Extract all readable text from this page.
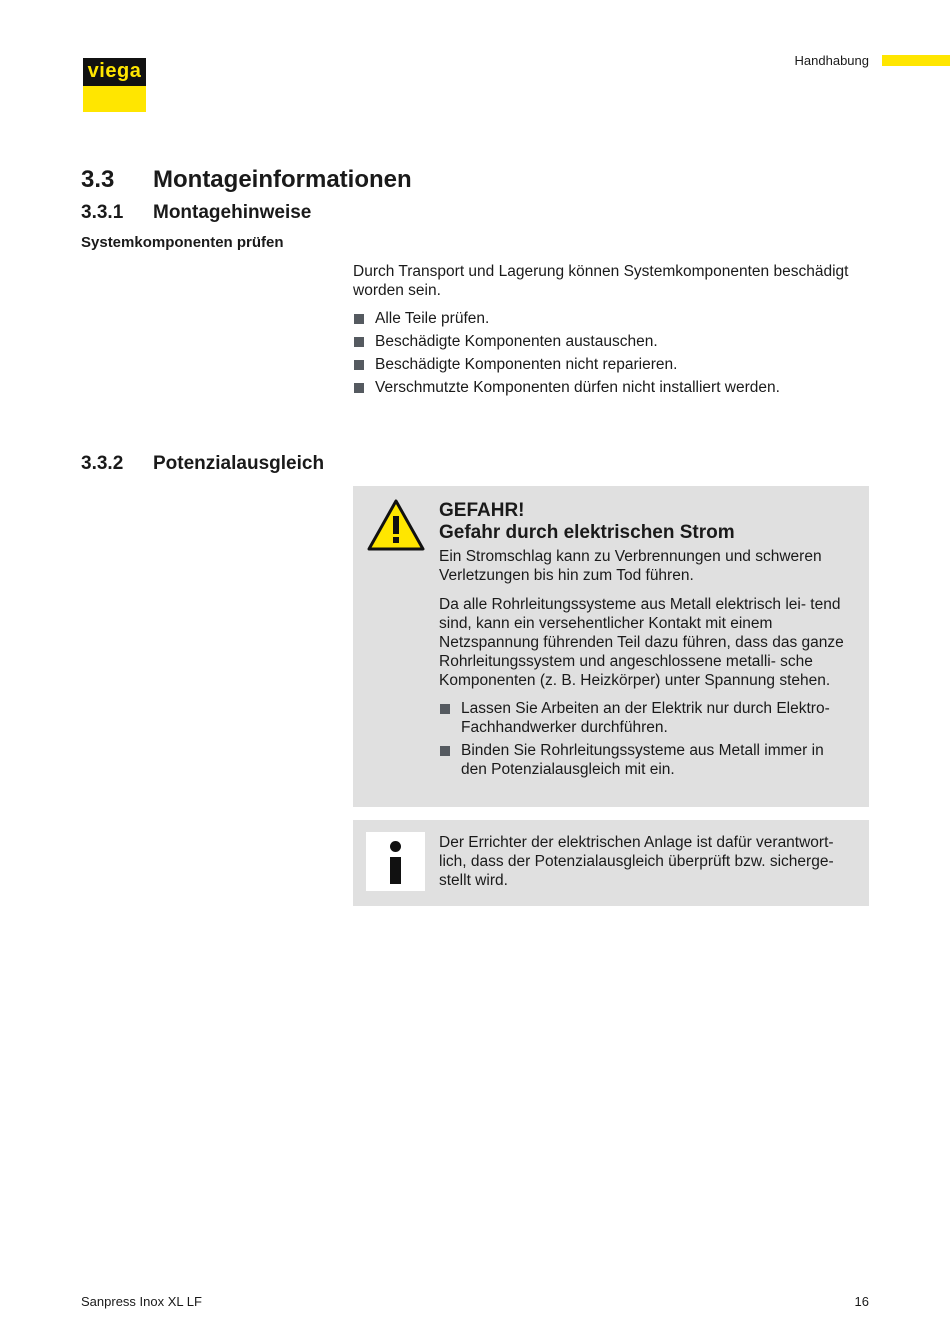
viega	Handhabung
3.3 Montageinformationen
3.3.1 Montagehinweise
Systemkomponenten prüfen

Durch Transport und Lagerung können Systemkomponenten beschädigt worden sein.

Alle Teile prüfen.
Beschädigte Komponenten austauschen.
Beschädigte Komponenten nicht reparieren.
Verschmutzte Komponenten dürfen nicht installiert werden.
3.3.2 Potenzialausgleich
GEFAHR!
Gefahr durch elektrischen Strom

Ein Stromschlag kann zu Verbrennungen und schweren Verletzungen bis hin zum Tod führen.

Da alle Rohrleitungssysteme aus Metall elektrisch lei- tend sind, kann ein versehentlicher Kontakt mit einem Netzspannung führenden Teil dazu führen, dass das ganze Rohrleitungssystem und angeschlossene metalli- sche Komponenten (z. B. Heizkörper) unter Spannung stehen.

Lassen Sie Arbeiten an der Elektrik nur durch Elektro-Fachhandwerker durchführen.
Binden Sie Rohrleitungssysteme aus Metall immer in den Potenzialausgleich mit ein.
Der Errichter der elektrischen Anlage ist dafür verantwort- lich, dass der Potenzialausgleich überprüft bzw. sicherge- stellt wird.
Sanpress Inox XL LF	16
